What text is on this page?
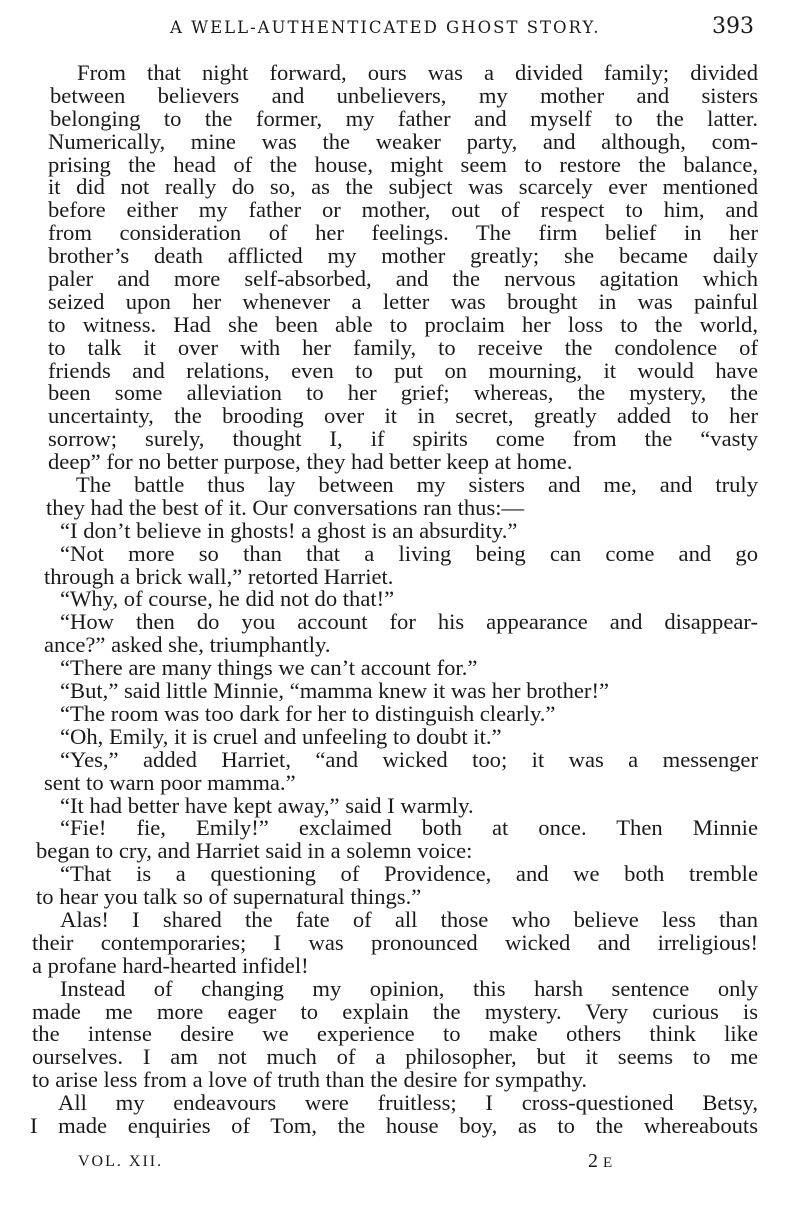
A WELL-AUTHENTICATED GHOST STORY.	393
From that night forward, ours was a divided family; divided
between believers and unbelievers, my mother and sisters
belonging to the former, my father and myself to the latter.
Numerically, mine was the weaker party, and although, com-
prising the head of the house, might seem to restore the balance,
it did not really do so, as the subject was scarcely ever mentioned
before either my father or mother, out of respect to him, and
from consideration of her feelings. The firm belief in her
brother’s death afflicted my mother greatly; she became daily
paler and more self-absorbed, and the nervous agitation which
seized upon her whenever a letter was brought in was painful
to witness. Had she been able to proclaim her loss to the world,
to talk it over with her family, to receive the condolence of
friends and relations, even to put on mourning, it would have
been some alleviation to her grief; whereas, the mystery, the
uncertainty, the brooding over it in secret, greatly added to her
sorrow; surely, thought I, if spirits come from the “vasty
deep” for no better purpose, they had better keep at home.
The battle thus lay between my sisters and me, and truly
they had the best of it. Our conversations ran thus:—
“I don’t believe in ghosts! a ghost is an absurdity.”
“Not more so than that a living being can come and go
through a brick wall,” retorted Harriet.
“Why, of course, he did not do that!”
“How then do you account for his appearance and disappear-
ance?” asked she, triumphantly.
“There are many things we can’t account for.”
“But,” said little Minnie, “mamma knew it was her brother!”
“The room was too dark for her to distinguish clearly.”
“Oh, Emily, it is cruel and unfeeling to doubt it.”
“Yes,” added Harriet, “and wicked too; it was a messenger
sent to warn poor mamma.”
“It had better have kept away,” said I warmly.
“Fie! fie, Emily!” exclaimed both at once. Then Minnie
began to cry, and Harriet said in a solemn voice:
“That is a questioning of Providence, and we both tremble
to hear you talk so of supernatural things.”
Alas! I shared the fate of all those who believe less than
their contemporaries; I was pronounced wicked and irreligious!
a profane hard-hearted infidel!
Instead of changing my opinion, this harsh sentence only
made me more eager to explain the mystery. Very curious is
the intense desire we experience to make others think like
ourselves. I am not much of a philosopher, but it seems to me
to arise less from a love of truth than the desire for sympathy.
All my endeavours were fruitless; I cross-questioned Betsy,
I made enquiries of Tom, the house boy, as to the whereabouts
VOL. XII.	2 E
